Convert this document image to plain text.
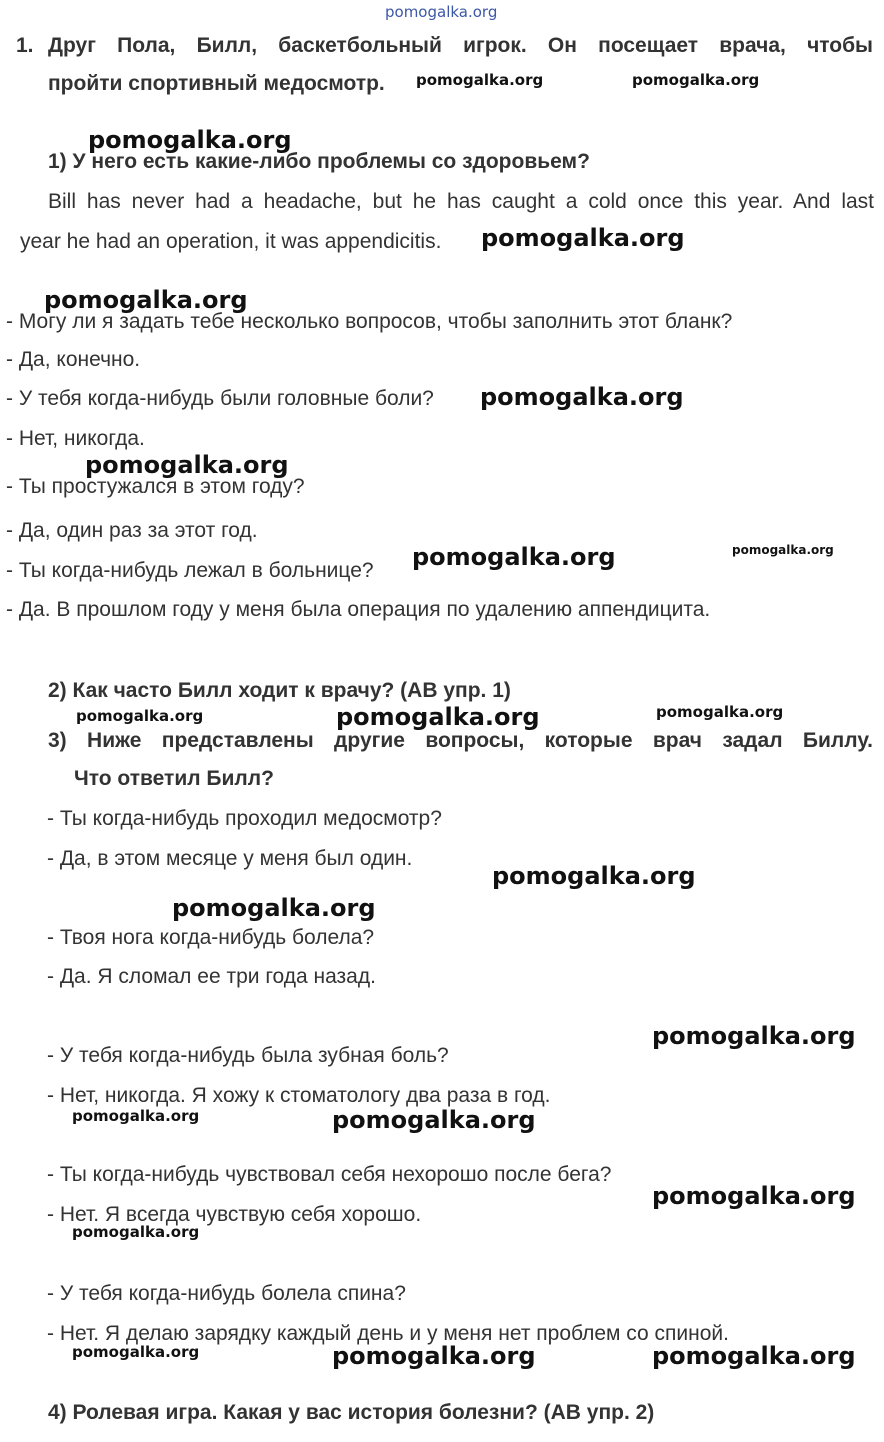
pomogalka.org
1. Друг Пола, Билл, баскетбольный игрок. Он посещает врача, чтобы
пройти спортивный медосмотр.
1) У него есть какие-либо проблемы со здоровьем?
Bill has never had a headache, but he has caught a cold once this year. And last
year he had an operation, it was appendicitis.
- Могу ли я задать тебе несколько вопросов, чтобы заполнить этот бланк?
- Да, конечно.
- У тебя когда-нибудь были головные боли?
- Нет, никогда.
- Ты простужался в этом году?
- Да, один раз за этот год.
- Ты когда-нибудь лежал в больнице?
- Да. В прошлом году у меня была операция по удалению аппендицита.
2) Как часто Билл ходит к врачу? (AB упр. 1)
3) Ниже представлены другие вопросы, которые врач задал Биллу.
Что ответил Билл?
- Ты когда-нибудь проходил медосмотр?
- Да, в этом месяце у меня был один.
- Твоя нога когда-нибудь болела?
- Да. Я сломал ее три года назад.
- У тебя когда-нибудь была зубная боль?
- Нет, никогда. Я хожу к стоматологу два раза в год.
- Ты когда-нибудь чувствовал себя нехорошо после бега?
- Нет. Я всегда чувствую себя хорошо.
- У тебя когда-нибудь болела спина?
- Нет. Я делаю зарядку каждый день и у меня нет проблем со спиной.
4) Ролевая игра. Какая у вас история болезни? (AB упр. 2)
pomogalka.org	pomogalka.org
pomogalka.org
pomogalka.org
pomogalka.org
pomogalka.org
pomogalka.org
pomogalka.org	pomogalka.org
pomogalka.org	pomogalka.org	pomogalka.org
pomogalka.org
pomogalka.org
pomogalka.org
pomogalka.org	pomogalka.org
pomogalka.org
pomogalka.org
pomogalka.org	pomogalka.org	pomogalka.org
